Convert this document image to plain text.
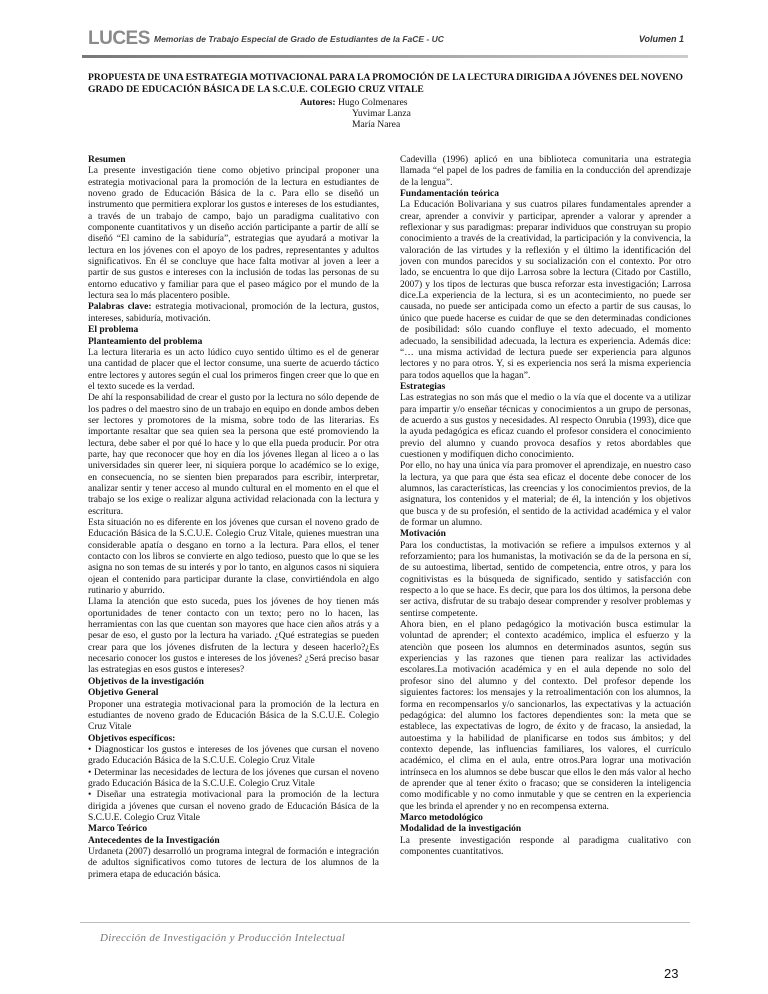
LUCES Memorias de Trabajo Especial de Grado de Estudiantes de la FaCE - UC	Volumen 1
PROPUESTA DE UNA ESTRATEGIA MOTIVACIONAL PARA LA PROMOCIÓN DE LA LECTURA DIRIGIDA A JÓVENES DEL NOVENO GRADO DE EDUCACIÓN BÁSICA DE LA S.C.U.E. COLEGIO CRUZ VITALE
Autores: Hugo Colmenares
Yuvimar Lanza
María Narea
Resumen

La presente investigación tiene como objetivo principal proponer una estrategia motivacional para la promoción de la lectura en estudiantes de noveno grado de Educación Básica de la c. Para ello se diseñó un instrumento que permitiera explorar los gustos e intereses de los estudiantes, a través de un trabajo de campo, bajo un paradigma cualitativo con componente cuantitativos y un diseño acción participante a partir de allí se diseñó “El camino de la sabiduría”, estrategias que ayudará a motivar la lectura en los jóvenes con el apoyo de los padres, representantes y adultos significativos. En él se concluye que hace falta motivar al joven a leer a partir de sus gustos e intereses con la inclusión de todas las personas de su entorno educativo y familiar para que el paseo mágico por el mundo de la lectura sea lo más placentero posible.

Palabras clave: estrategia motivacional, promoción de la lectura, gustos, intereses, sabiduría, motivación.

El problema
Planteamiento del problema

La lectura literaria es un acto lúdico cuyo sentido último es el de generar una cantidad de placer que el lector consume, una suerte de acuerdo táctico entre lectores y autores según el cual los primeros fingen creer que lo que en el texto sucede es la verdad.

De ahí la responsabilidad de crear el gusto por la lectura no sólo depende de los padres o del maestro sino de un trabajo en equipo en donde ambos deben ser lectores y promotores de la misma, sobre todo de las literarias. Es importante resaltar que sea quien sea la persona que esté promoviendo la lectura, debe saber el por qué lo hace y lo que ella pueda producir. Por otra parte, hay que reconocer que hoy en día los jóvenes llegan al liceo a o las universidades sin querer leer, ni siquiera porque lo académico se lo exige, en consecuencia, no se sienten bien preparados para escribir, interpretar, analizar sentir y tener acceso al mundo cultural en el momento en el que el trabajo se los exige o realizar alguna actividad relacionada con la lectura y escritura.

Esta situación no es diferente en los jóvenes que cursan el noveno grado de Educación Básica de la S.C.U.E. Colegio Cruz Vitale, quienes muestran una considerable apatía o desgano en torno a la lectura. Para ellos, el tener contacto con los libros se convierte en algo tedioso, puesto que lo que se les asigna no son temas de su interés y por lo tanto, en algunos casos ni siquiera ojean el contenido para participar durante la clase, convirtiéndola en algo rutinario y aburrido.

Llama la atención que esto suceda, pues los jóvenes de hoy tienen más oportunidades de tener contacto con un texto; pero no lo hacen, las herramientas con las que cuentan son mayores que hace cien años atrás y a pesar de eso, el gusto por la lectura ha variado. ¿Qué estrategias se pueden crear para que los jóvenes disfruten de la lectura y deseen hacerlo?¿Es necesario conocer los gustos e intereses de los jóvenes? ¿Será preciso basar las estrategias en esos gustos e intereses?

Objetivos de la investigación
Objetivo General

Proponer una estrategia motivacional para la promoción de la lectura en estudiantes de noveno grado de Educación Básica de la S.C.U.E. Colegio Cruz Vitale

Objetivos específicos:

• Diagnosticar los gustos e intereses de los jóvenes que cursan el noveno grado Educación Básica de la S.C.U.E. Colegio Cruz Vitale

• Determinar las necesidades de lectura de los jóvenes que cursan el noveno grado Educación Básica de la S.C.U.E. Colegio Cruz Vitale

• Diseñar una estrategia motivacional para la promoción de la lectura dirigida a jóvenes que cursan el noveno grado de Educación Básica de la S.C.U.E. Colegio Cruz Vitale

Marco Teórico
Antecedentes de la Investigación

Urdaneta (2007) desarrolló un programa integral de formación e integración de adultos significativos como tutores de lectura de los alumnos de la primera etapa de educación básica.

Cadevilla (1996) aplicó en una biblioteca comunitaria una estrategia llamada “el papel de los padres de familia en la conducción del aprendizaje de la lengua”.

Fundamentación teórica

La Educación Bolivariana y sus cuatros pilares fundamentales aprender a crear, aprender a convivir y participar, aprender a valorar y aprender a reflexionar y sus paradigmas: preparar individuos que construyan su propio conocimiento a través de la creatividad, la participación y la convivencia, la valoración de las virtudes y la reflexión y el último la identificación del joven con mundos parecidos y su socialización con el contexto. Por otro lado, se encuentra lo que dijo Larrosa sobre la lectura (Citado por Castillo, 2007) y los tipos de lecturas que busca reforzar esta investigación; Larrosa dice.La experiencia de la lectura, si es un acontecimiento, no puede ser causada, no puede ser anticipada como un efecto a partir de sus causas, lo único que puede hacerse es cuidar de que se den determinadas condiciones de posibilidad: sólo cuando confluye el texto adecuado, el momento adecuado, la sensibilidad adecuada, la lectura es experiencia. Además dice: “… una misma actividad de lectura puede ser experiencia para algunos lectores y no para otros. Y, si es experiencia nos será la misma experiencia para todos aquellos que la hagan”.

Estrategias

Las estrategias no son más que el medio o la vía que el docente va a utilizar para impartir y/o enseñar técnicas y conocimientos a un grupo de personas, de acuerdo a sus gustos y necesidades. Al respecto Onrubia (1993), dice que la ayuda pedagógica es eficaz cuando el profesor considera el conocimiento previo del alumno y cuando provoca desafíos y retos abordables que cuestionen y modifiquen dicho conocimiento.

Por ello, no hay una única vía para promover el aprendizaje, en nuestro caso la lectura, ya que para que ésta sea eficaz el docente debe conocer de los alumnos, las características, las creencias y los conocimientos previos, de la asignatura, los contenidos y el material; de él, la intención y los objetivos que busca y de su profesión, el sentido de la actividad académica y el valor de formar un alumno.

Motivación

Para los conductistas, la motivación se refiere a impulsos externos y al reforzamiento; para los humanistas, la motivación se da de la persona en sí, de su autoestima, libertad, sentido de competencia, entre otros, y para los cognitivistas es la búsqueda de significado, sentido y satisfacción con respecto a lo que se hace. Es decir, que para los dos últimos, la persona debe ser activa, disfrutar de su trabajo desear comprender y resolver problemas y sentirse competente.

Ahora bien, en el plano pedagógico la motivación busca estimular la voluntad de aprender; el contexto académico, implica el esfuerzo y la atenciòn que poseen los alumnos en determinados asuntos, según sus experiencias y las razones que tienen para realizar las actividades escolares.La motivación académica y en el aula depende no solo del profesor sino del alumno y del contexto. Del profesor depende los siguientes factores: los mensajes y la retroalimentación con los alumnos, la forma en recompensarlos y/o sancionarlos, las expectativas y la actuación pedagógica: del alumno los factores dependientes son: la meta que se establece, las expectativas de logro, de éxito y de fracaso, la ansiedad, la autoestima y la habilidad de planificarse en todos sus ámbitos; y del contexto depende, las influencias familiares, los valores, el currículo académico, el clima en el aula, entre otros.Para lograr una motivación intrínseca en los alumnos se debe buscar que ellos le den más valor al hecho de aprender que al tener éxito o fracaso; que se consideren la inteligencia como modificable y no como inmutable y que se centren en la experiencia que les brinda el aprender y no en recompensa externa.

Marco metodológico
Modalidad de la investigación

La presente investigación responde al paradigma cualitativo con componentes cuantitativos.

Dirección de Investigación y Producción Intelectual
23
